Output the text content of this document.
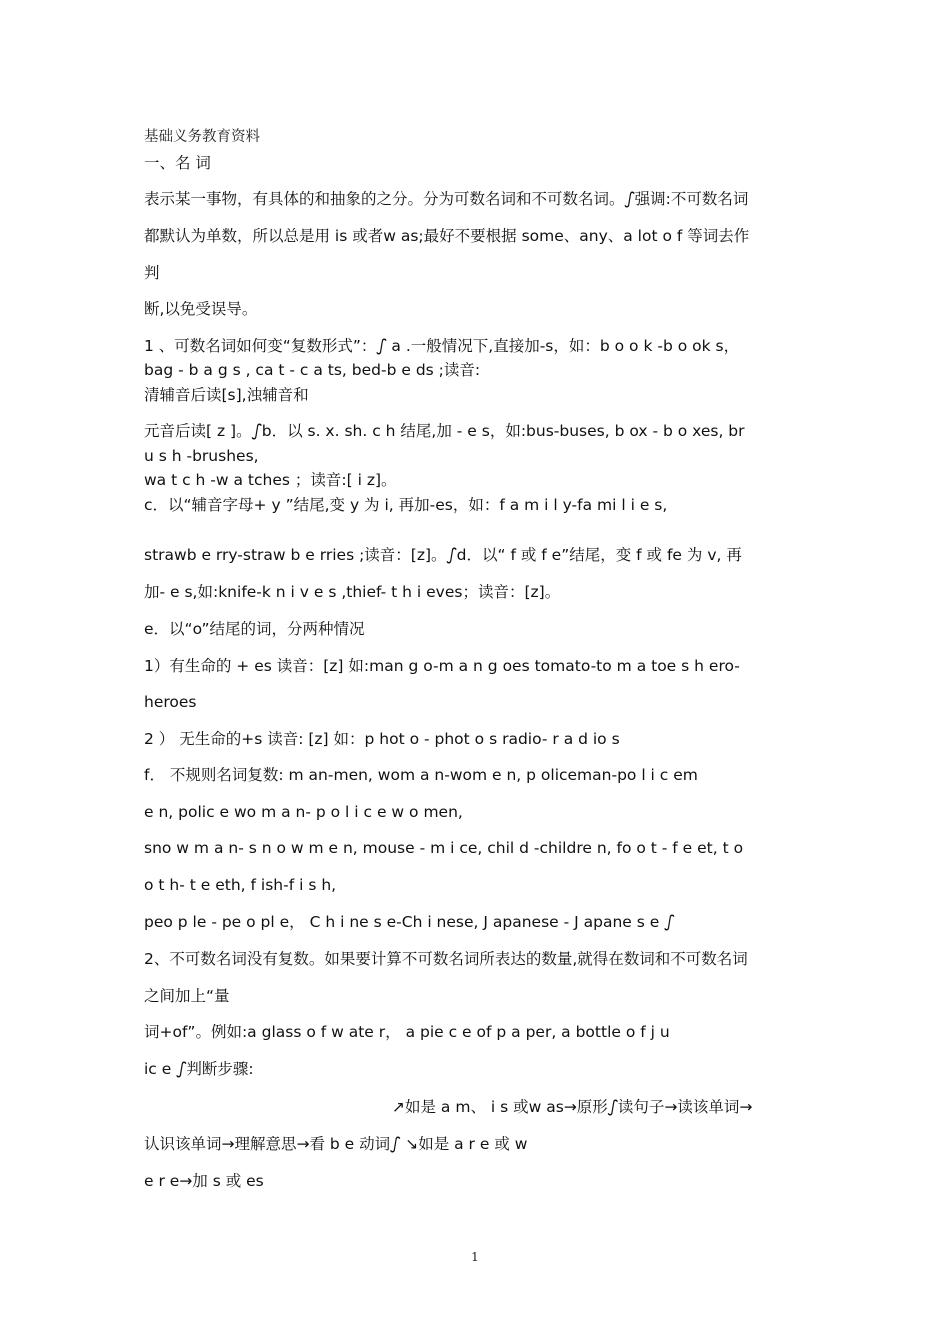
基础义务教育资料
一、名 词
表示某一事物，有具体的和抽象的之分。分为可数名词和不可数名词。ഽ强调:不可数名词
都默认为单数，所以总是用 is 或者w as;最好不要根据 some、any、a lot o f 等词去作
判
断,以免受误导。
1 、可数名词如何变“复数形式”：ഽ a .一般情况下,直接加-s，如：b o o k -b o ok s，
bag - b a g s , ca t - c a ts, bed-b e ds ;读音:
清辅音后读[s],浊辅音和
元音后读[ z ]。ഽb．以 s. x. sh. c h 结尾,加 - e s，如:bus-buses, b ox - b o xes, br
u s h -brushes,
wa t c h -w a tches ；读音:[ i z]。
c．以“辅音字母+ y ”结尾,变 y 为 i, 再加-es，如：f a m i l y-fa mi l i e s,
strawb e rry-straw b e rries ;读音：[z]。ഽd．以“ f 或 f e”结尾，变 f 或 fe 为 v, 再
加- e s,如:knife-k n i v e s ,thief- t h i eves；读音：[z]。
e．以“o”结尾的词，分两种情况
1）有生命的 + es 读音：[z] 如:man g o-m a n g oes tomato-to m a toe s h ero-
heroes
2 ） 无生命的+s 读音: [z] 如：p hot o - phot o s radio- r a d io s
f． 不规则名词复数: m an-men, wom a n-wom e n, p oliceman-po l i c em
e n, polic e wo m a n- p o l i c e w o men,
sno w m a n- s n o w m e n, mouse - m i ce, chil d -childre n, fo o t - f e et, t o
o t h- t e eth, f ish-f i s h,
peo p le - pe o pl e， C h i ne s e-Ch i nese, J apanese - J apane s e ഽ
2、不可数名词没有复数。如果要计算不可数名词所表达的数量,就得在数词和不可数名词
之间加上“量
词+of”。例如:a glass o f w ate r， a pie c e of p a per, a bottle o f j u
ic e ഽ判断步骤:
↗如是 a m、 i s 或w as→原形ഽ读句子→读该单词→
认识该单词→理解意思→看 b e 动词ഽ ↘如是 a r e 或 w
e r e→加 s 或 es
1
